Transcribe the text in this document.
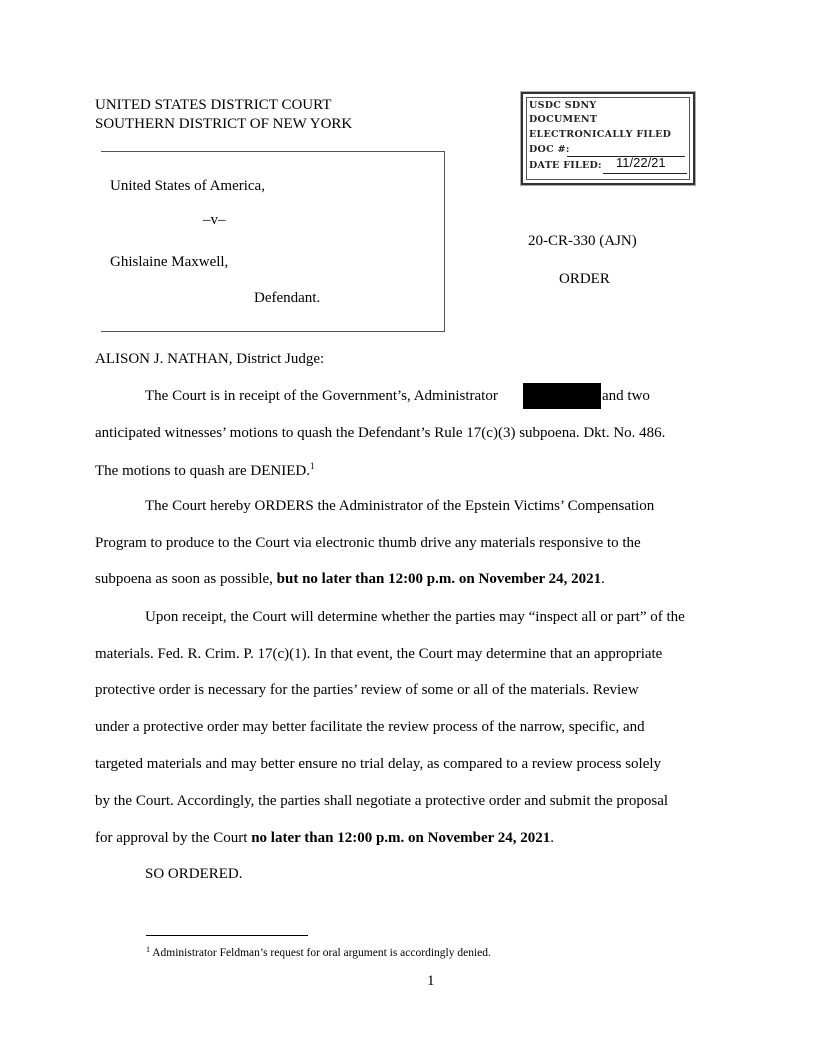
UNITED STATES DISTRICT COURT
SOUTHERN DISTRICT OF NEW YORK
United States of America,
–v–
Ghislaine Maxwell,
Defendant.
20-CR-330 (AJN)
ORDER
USDC SDNY
DOCUMENT
ELECTRONICALLY FILED
DOC #:
DATE FILED: 11/22/21
ALISON J. NATHAN, District Judge:
The Court is in receipt of the Government’s, Administrator	and two
anticipated witnesses’ motions to quash the Defendant’s Rule 17(c)(3) subpoena. Dkt. No. 486.
The motions to quash are DENIED.$^1$
The Court hereby ORDERS the Administrator of the Epstein Victims’ Compensation
Program to produce to the Court via electronic thumb drive any materials responsive to the
subpoena as soon as possible, but no later than 12:00 p.m. on November 24, 2021.
Upon receipt, the Court will determine whether the parties may “inspect all or part” of the
materials. Fed. R. Crim. P. 17(c)(1). In that event, the Court may determine that an appropriate
protective order is necessary for the parties’ review of some or all of the materials. Review
under a protective order may better facilitate the review process of the narrow, specific, and
targeted materials and may better ensure no trial delay, as compared to a review process solely
by the Court. Accordingly, the parties shall negotiate a protective order and submit the proposal
for approval by the Court no later than 12:00 p.m. on November 24, 2021.
SO ORDERED.
$^1$ Administrator Feldman’s request for oral argument is accordingly denied.
1
